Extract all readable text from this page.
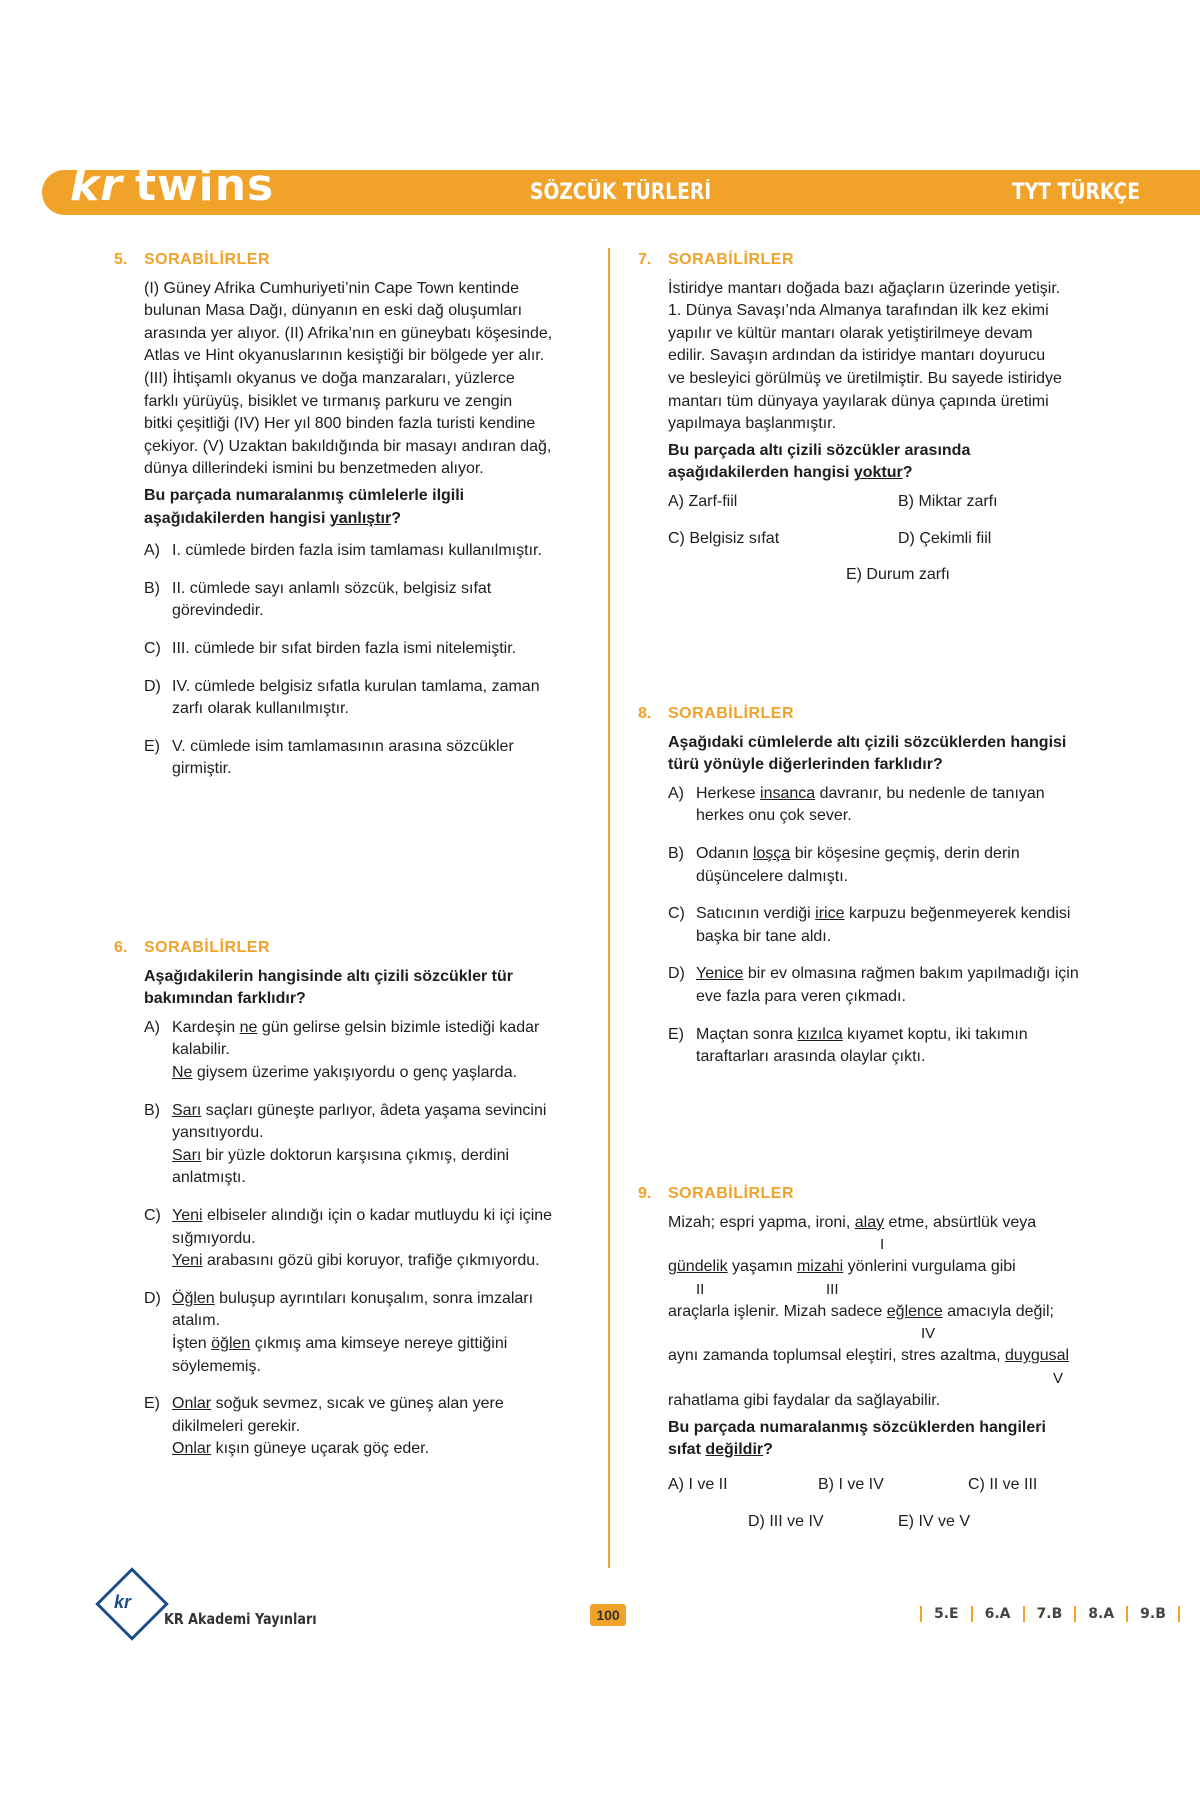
kr twins	SÖZCÜK TÜRLERİ	TYT TÜRKÇE
5. SORABİLİRLER
(I) Güney Afrika Cumhuriyeti’nin Cape Town kentinde
bulunan Masa Dağı, dünyanın en eski dağ oluşumları
arasında yer alıyor. (II) Afrika’nın en güneybatı köşesinde,
Atlas ve Hint okyanuslarının kesiştiği bir bölgede yer alır.
(III) İhtişamlı okyanus ve doğa manzaraları, yüzlerce
farklı yürüyüş, bisiklet ve tırmanış parkuru ve zengin
bitki çeşitliği (IV) Her yıl 800 binden fazla turisti kendine
çekiyor. (V) Uzaktan bakıldığında bir masayı andıran dağ,
dünya dillerindeki ismini bu benzetmeden alıyor.
Bu parçada numaralanmış cümlelerle ilgili
aşağıdakilerden hangisi yanlıştır?
A) I. cümlede birden fazla isim tamlaması kullanılmıştır.
B) II. cümlede sayı anlamlı sözcük, belgisiz sıfat
görevindedir.
C) III. cümlede bir sıfat birden fazla ismi nitelemiştir.
D) IV. cümlede belgisiz sıfatla kurulan tamlama, zaman
zarfı olarak kullanılmıştır.
E) V. cümlede isim tamlamasının arasına sözcükler
girmiştir.
6. SORABİLİRLER
Aşağıdakilerin hangisinde altı çizili sözcükler tür
bakımından farklıdır?
A) Kardeşin ne gün gelirse gelsin bizimle istediği kadar
kalabilir.
Ne giysem üzerime yakışıyordu o genç yaşlarda.
B) Sarı saçları güneşte parlıyor, âdeta yaşama sevincini
yansıtıyordu.
Sarı bir yüzle doktorun karşısına çıkmış, derdini
anlatmıştı.
C) Yeni elbiseler alındığı için o kadar mutluydu ki içi içine
sığmıyordu.
Yeni arabasını gözü gibi koruyor, trafiğe çıkmıyordu.
D) Öğlen buluşup ayrıntıları konuşalım, sonra imzaları
atalım.
İşten öğlen çıkmış ama kimseye nereye gittiğini
söylememiş.
E) Onlar soğuk sevmez, sıcak ve güneş alan yere
dikilmeleri gerekir.
Onlar kışın güneye uçarak göç eder.
7. SORABİLİRLER
İstiridye mantarı doğada bazı ağaçların üzerinde yetişir.
1. Dünya Savaşı’nda Almanya tarafından ilk kez ekimi
yapılır ve kültür mantarı olarak yetiştirilmeye devam
edilir. Savaşın ardından da istiridye mantarı doyurucu
ve besleyici görülmüş ve üretilmiştir. Bu sayede istiridye
mantarı tüm dünyaya yayılarak dünya çapında üretimi
yapılmaya başlanmıştır.
Bu parçada altı çizili sözcükler arasında
aşağıdakilerden hangisi yoktur?
A) Zarf-fiil	B) Miktar zarfı
C) Belgisiz sıfat	D) Çekimli fiil
E) Durum zarfı
8. SORABİLİRLER
Aşağıdaki cümlelerde altı çizili sözcüklerden hangisi
türü yönüyle diğerlerinden farklıdır?
A) Herkese insanca davranır, bu nedenle de tanıyan
herkes onu çok sever.
B) Odanın loşça bir köşesine geçmiş, derin derin
düşüncelere dalmıştı.
C) Satıcının verdiği irice karpuzu beğenmeyerek kendisi
başka bir tane aldı.
D) Yenice bir ev olmasına rağmen bakım yapılmadığı için
eve fazla para veren çıkmadı.
E) Maçtan sonra kızılca kıyamet koptu, iki takımın
taraftarları arasında olaylar çıktı.
9. SORABİLİRLER
Mizah; espri yapma, ironi, alay etme, absürtlük veya
I
gündelik yaşamın mizahi yönlerini vurgulama gibi
II	III
araçlarla işlenir. Mizah sadece eğlence amacıyla değil;
IV
aynı zamanda toplumsal eleştiri, stres azaltma, duygusal
V
rahatlama gibi faydalar da sağlayabilir.
Bu parçada numaralanmış sözcüklerden hangileri
sıfat değildir?
A) I ve II	B) I ve IV	C) II ve III
D) III ve IV	E) IV ve V
kr
KR Akademi Yayınları	100	5.E	6.A	7.B	8.A	9.B
